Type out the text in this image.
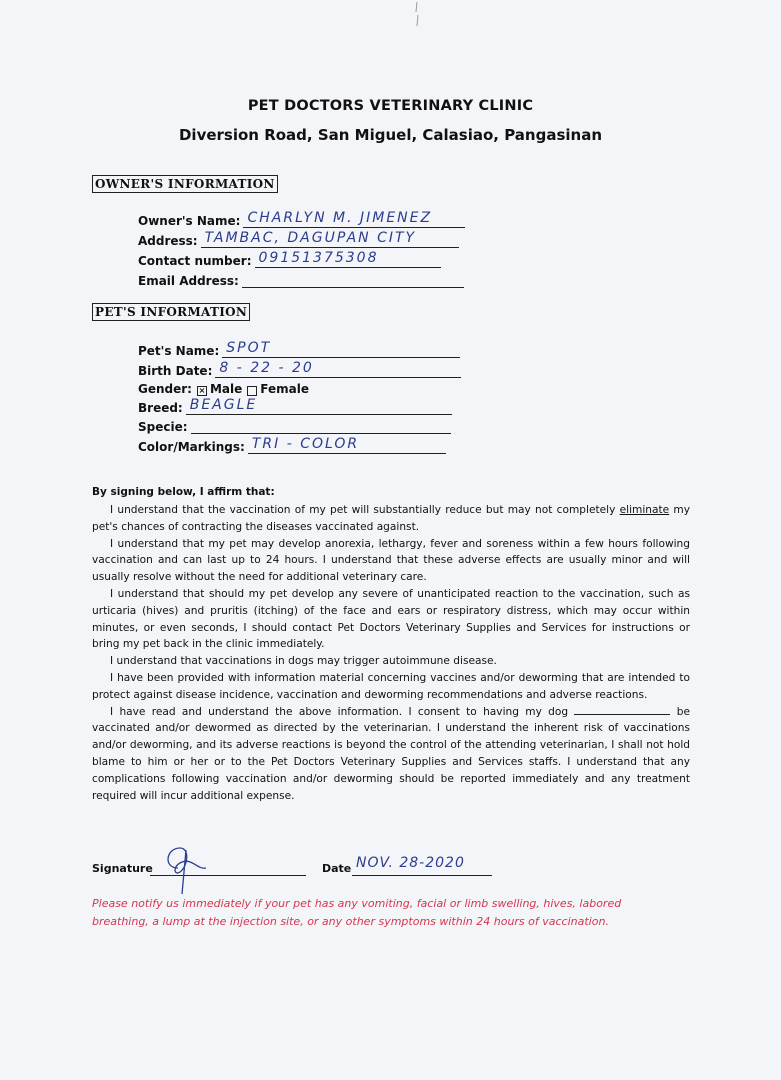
PET DOCTORS VETERINARY CLINIC
Diversion Road, San Miguel, Calasiao, Pangasinan
OWNER'S INFORMATION
Owner's Name: CHARLYN M. JIMENEZ
Address: TAMBAC, DAGUPAN CITY
Contact number: 09151375308
Email Address:
PET'S INFORMATION
Pet's Name: SPOT
Birth Date: 8 - 22 - 20
Gender: × Male Female
Breed: BEAGLE
Specie:
Color/Markings: TRI - COLOR
By signing below, I affirm that:

I understand that the vaccination of my pet will substantially reduce but may not completely eliminate my pet's chances of contracting the diseases vaccinated against.

I understand that my pet may develop anorexia, lethargy, fever and soreness within a few hours following vaccination and can last up to 24 hours. I understand that these adverse effects are usually minor and will usually resolve without the need for additional veterinary care.

I understand that should my pet develop any severe of unanticipated reaction to the vaccination, such as urticaria (hives) and pruritis (itching) of the face and ears or respiratory distress, which may occur within minutes, or even seconds, I should contact Pet Doctors Veterinary Supplies and Services for instructions or bring my pet back in the clinic immediately.

I understand that vaccinations in dogs may trigger autoimmune disease.

I have been provided with information material concerning vaccines and/or deworming that are intended to protect against disease incidence, vaccination and deworming recommendations and adverse reactions.

I have read and understand the above information. I consent to having my dog	be vaccinated and/or dewormed as directed by the veterinarian. I understand the inherent risk of vaccinations and/or deworming, and its adverse reactions is beyond the control of the attending veterinarian, I shall not hold blame to him or her or to the Pet Doctors Veterinary Supplies and Services staffs. I understand that any complications following vaccination and/or deworming should be reported immediately and any treatment required will incur additional expense.

Signature	Date NOV. 28-2020
Please notify us immediately if your pet has any vomiting, facial or limb swelling, hives, labored breathing, a lump at the injection site, or any other symptoms within 24 hours of vaccination.
